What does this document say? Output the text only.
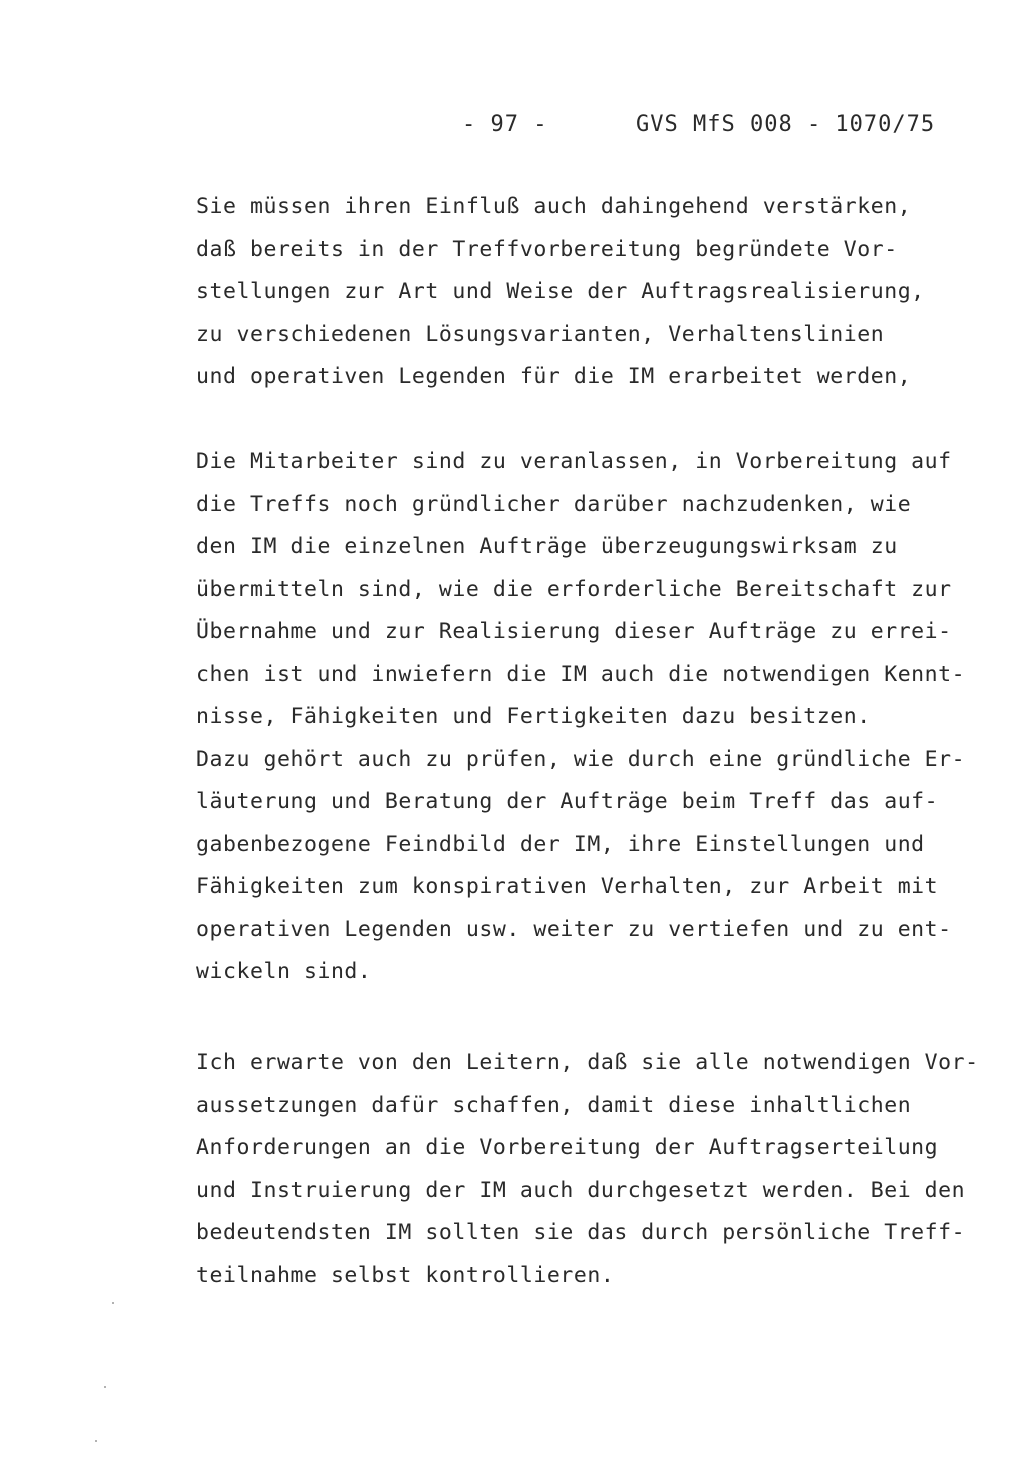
- 97 -	GVS MfS 008 - 1070/75
Sie müssen ihren Einfluß auch dahingehend verstärken,
daß bereits in der Treffvorbereitung begründete Vor-
stellungen zur Art und Weise der Auftragsrealisierung,
zu verschiedenen Lösungsvarianten, Verhaltenslinien
und operativen Legenden für die IM erarbeitet werden,
Die Mitarbeiter sind zu veranlassen, in Vorbereitung auf
die Treffs noch gründlicher darüber nachzudenken, wie
den IM die einzelnen Aufträge überzeugungswirksam zu
übermitteln sind, wie die erforderliche Bereitschaft zur
Übernahme und zur Realisierung dieser Aufträge zu errei-
chen ist und inwiefern die IM auch die notwendigen Kennt-
nisse, Fähigkeiten und Fertigkeiten dazu besitzen.
Dazu gehört auch zu prüfen, wie durch eine gründliche Er-
läuterung und Beratung der Aufträge beim Treff das auf-
gabenbezogene Feindbild der IM, ihre Einstellungen und
Fähigkeiten zum konspirativen Verhalten, zur Arbeit mit
operativen Legenden usw. weiter zu vertiefen und zu ent-
wickeln sind.
Ich erwarte von den Leitern, daß sie alle notwendigen Vor-
aussetzungen dafür schaffen, damit diese inhaltlichen
Anforderungen an die Vorbereitung der Auftragserteilung
und Instruierung der IM auch durchgesetzt werden. Bei den
bedeutendsten IM sollten sie das durch persönliche Treff-
teilnahme selbst kontrollieren.
